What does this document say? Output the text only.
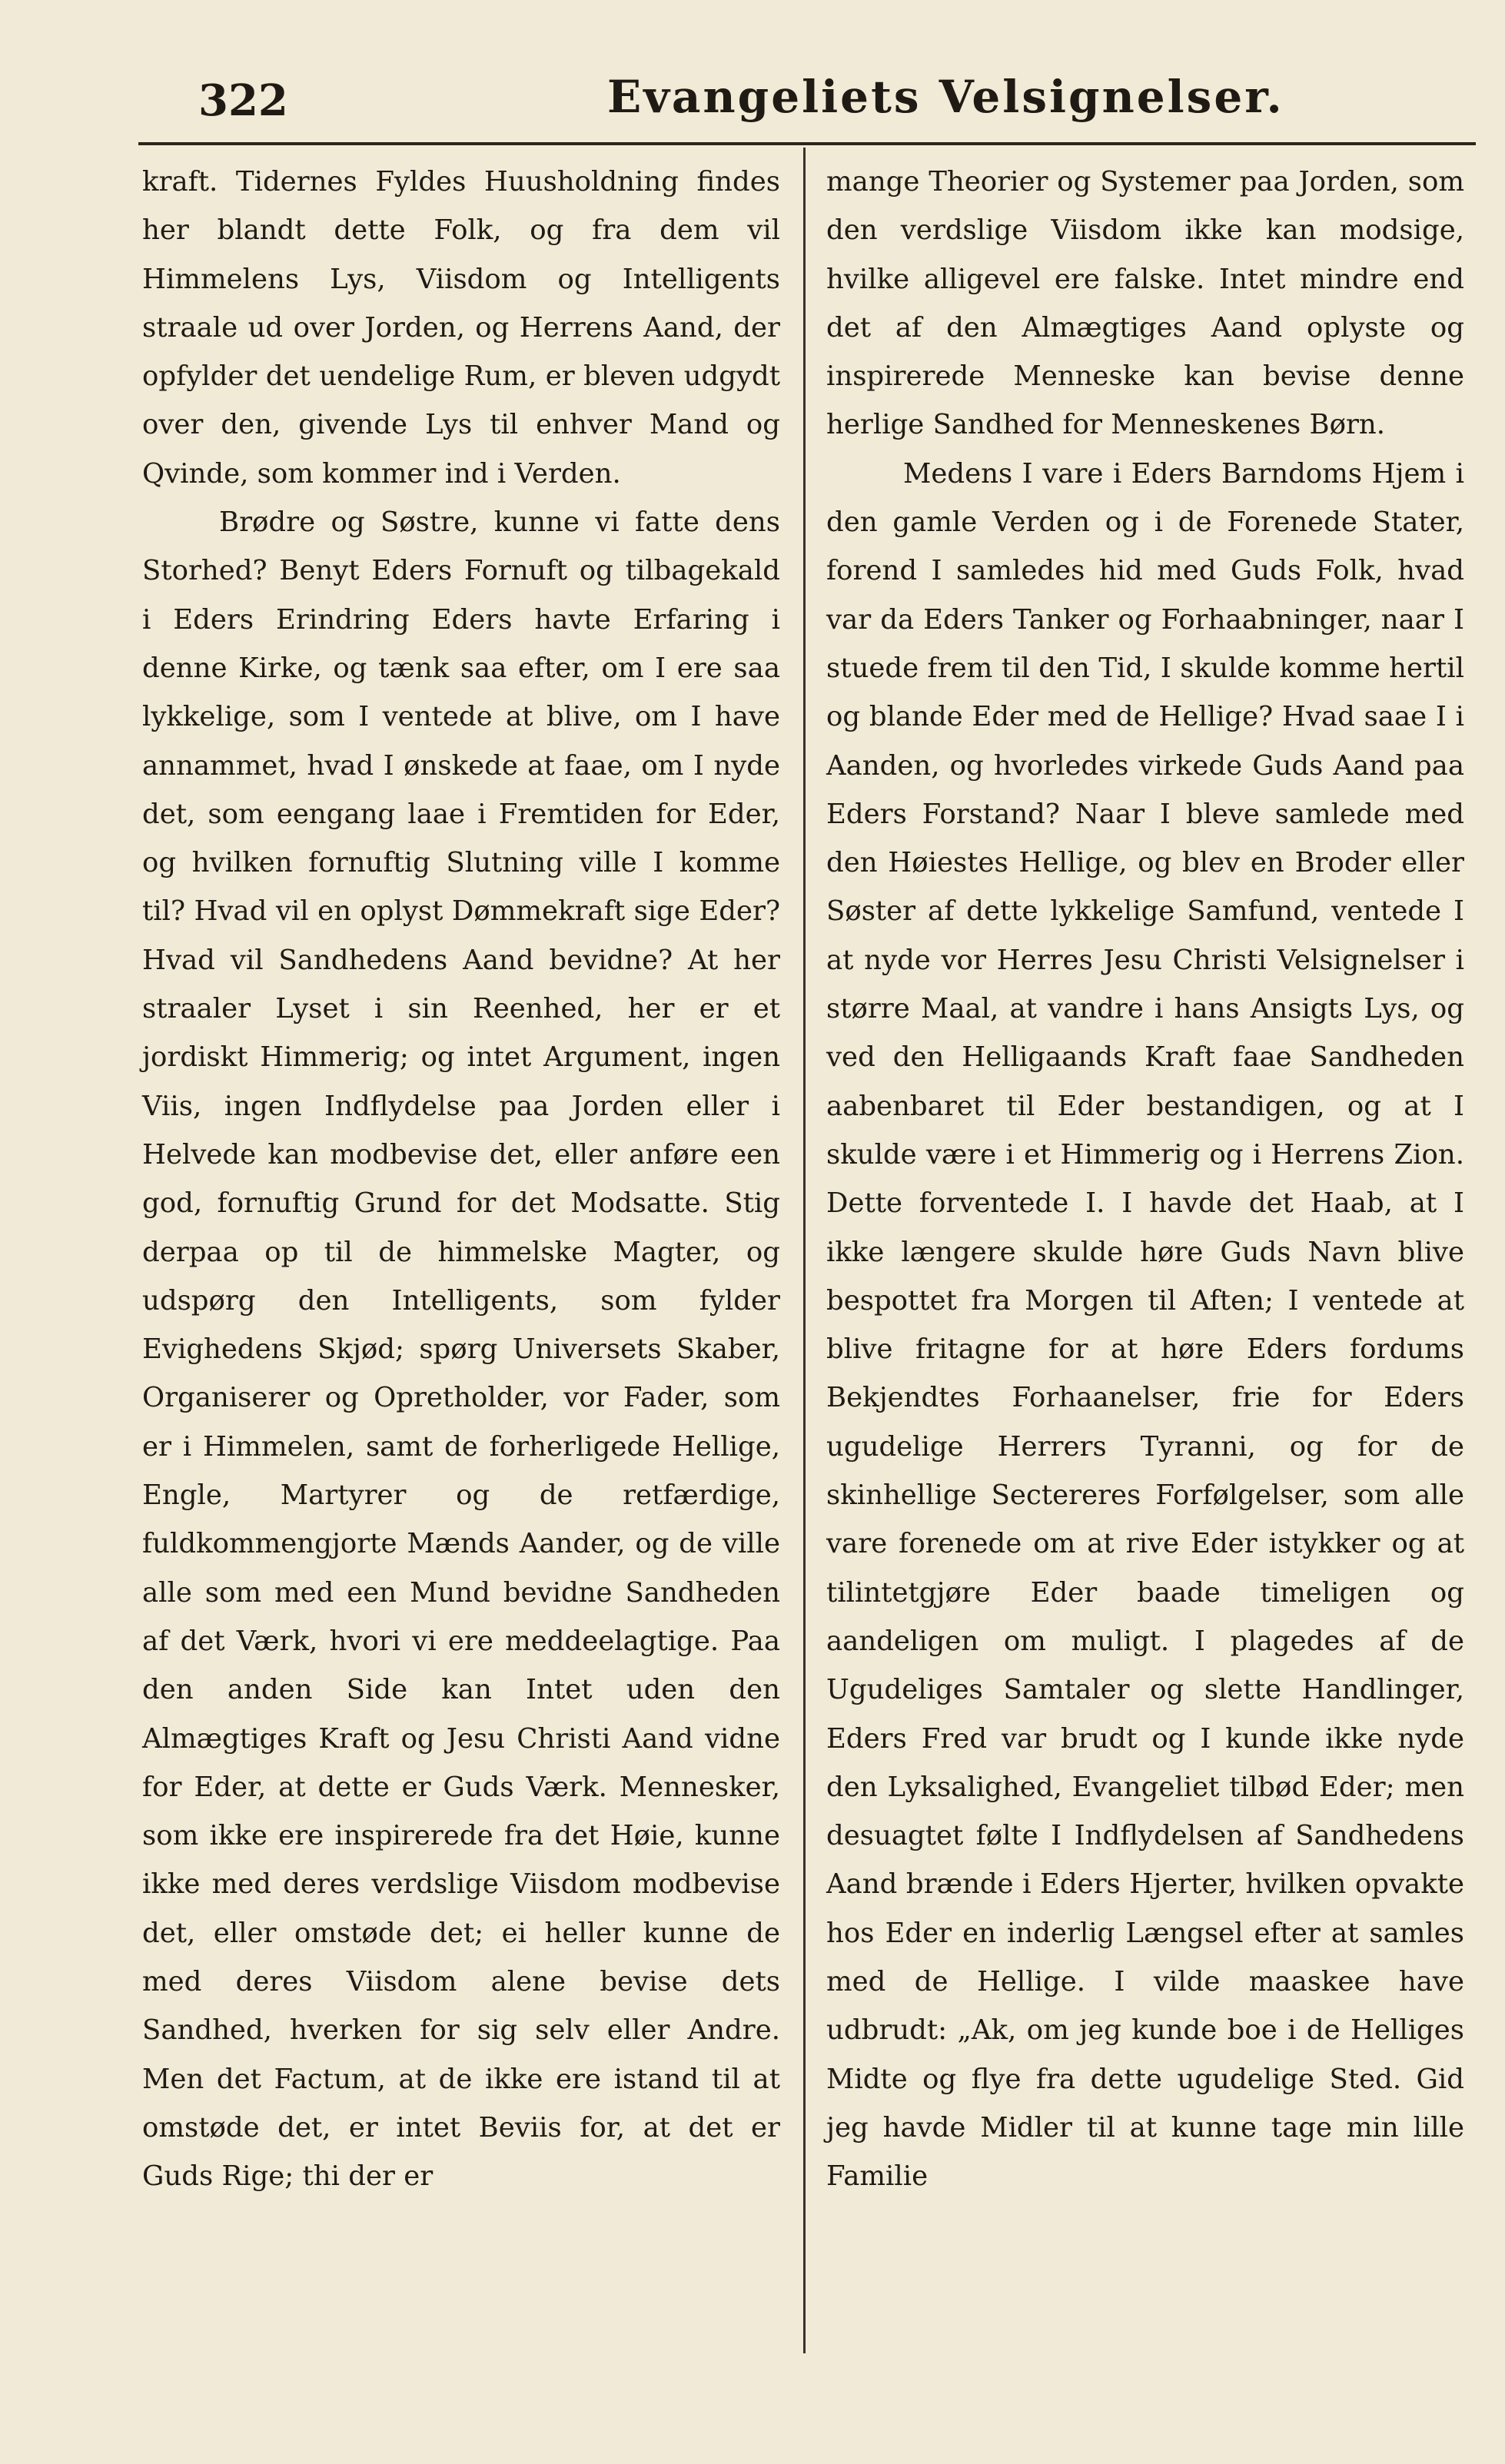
322	Evangeliets Velsignelser.

kraft. Tidernes Fyldes Huusholdning findes her blandt dette Folk, og fra dem vil Himmelens Lys, Viisdom og Intelligents straale ud over Jorden, og Herrens Aand, der opfylder det uendelige Rum, er bleven udgydt over den, givende Lys til enhver Mand og Qvinde, som kommer ind i Verden.

Brødre og Søstre, kunne vi fatte dens Storhed? Benyt Eders Fornuft og tilbagekald i Eders Erindring Eders havte Erfaring i denne Kirke, og tænk saa efter, om I ere saa lykkelige, som I ventede at blive, om I have annammet, hvad I ønskede at faae, om I nyde det, som eengang laae i Fremtiden for Eder, og hvilken fornuftig Slutning ville I komme til? Hvad vil en oplyst Dømmekraft sige Eder? Hvad vil Sandhedens Aand bevidne? At her straaler Lyset i sin Reenhed, her er et jordiskt Himmerig; og intet Argument, ingen Viis, ingen Indflydelse paa Jorden eller i Helvede kan modbevise det, eller anføre een god, fornuftig Grund for det Modsatte. Stig derpaa op til de himmelske Magter, og udspørg den Intelligents, som fylder Evighedens Skjød; spørg Universets Skaber, Organiserer og Opretholder, vor Fader, som er i Himmelen, samt de forherligede Hellige, Engle, Martyrer og de retfærdige, fuldkommengjorte Mænds Aander, og de ville alle som med een Mund bevidne Sandheden af det Værk, hvori vi ere meddeelagtige. Paa den anden Side kan Intet uden den Almægtiges Kraft og Jesu Christi Aand vidne for Eder, at dette er Guds Værk. Mennesker, som ikke ere inspirerede fra det Høie, kunne ikke med deres verdslige Viisdom modbevise det, eller omstøde det; ei heller kunne de med deres Viisdom alene bevise dets Sandhed, hverken for sig selv eller Andre. Men det Factum, at de ikke ere istand til at omstøde det, er intet Beviis for, at det er Guds Rige; thi der er

mange Theorier og Systemer paa Jorden, som den verdslige Viisdom ikke kan modsige, hvilke alligevel ere falske. Intet mindre end det af den Almægtiges Aand oplyste og inspirerede Menneske kan bevise denne herlige Sandhed for Menneskenes Børn.

Medens I vare i Eders Barndoms Hjem i den gamle Verden og i de Forenede Stater, forend I samledes hid med Guds Folk, hvad var da Eders Tanker og Forhaabninger, naar I stuede frem til den Tid, I skulde komme hertil og blande Eder med de Hellige? Hvad saae I i Aanden, og hvorledes virkede Guds Aand paa Eders Forstand? Naar I bleve samlede med den Høiestes Hellige, og blev en Broder eller Søster af dette lykkelige Samfund, ventede I at nyde vor Herres Jesu Christi Velsignelser i større Maal, at vandre i hans Ansigts Lys, og ved den Helligaands Kraft faae Sandheden aabenbaret til Eder bestandigen, og at I skulde være i et Himmerig og i Herrens Zion. Dette forventede I. I havde det Haab, at I ikke længere skulde høre Guds Navn blive bespottet fra Morgen til Aften; I ventede at blive fritagne for at høre Eders fordums Bekjendtes Forhaanelser, frie for Eders ugudelige Herrers Tyranni, og for de skinhellige Sectereres Forfølgelser, som alle vare forenede om at rive Eder istykker og at tilintetgjøre Eder baade timeligen og aandeligen om muligt. I plagedes af de Ugudeliges Samtaler og slette Handlinger, Eders Fred var brudt og I kunde ikke nyde den Lyksalighed, Evangeliet tilbød Eder; men desuagtet følte I Indflydelsen af Sandhedens Aand brænde i Eders Hjerter, hvilken opvakte hos Eder en inderlig Længsel efter at samles med de Hellige. I vilde maaskee have udbrudt: „Ak, om jeg kunde boe i de Helliges Midte og flye fra dette ugudelige Sted. Gid jeg havde Midler til at kunne tage min lille Familie
